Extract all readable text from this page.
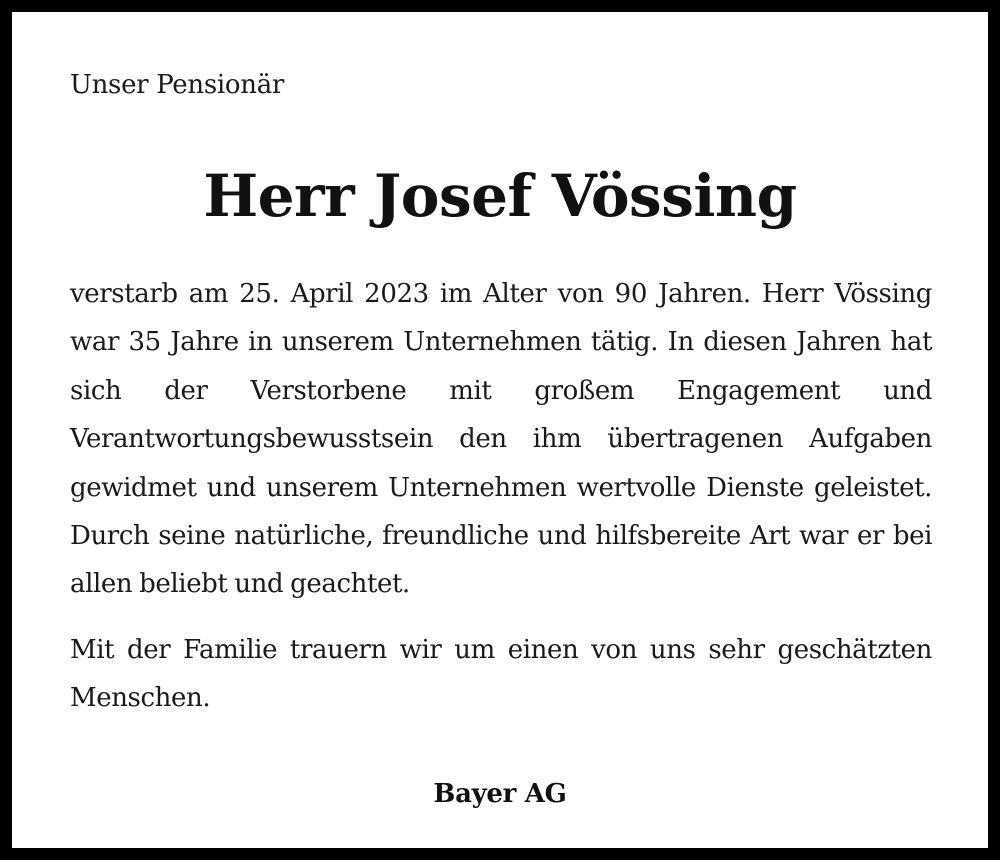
Unser Pensionär
Herr Josef Vössing

verstarb am 25. April 2023 im Alter von 90 Jahren. Herr Vössing war 35 Jahre in unserem Unternehmen tätig. In diesen Jahren hat sich der Verstorbene mit großem Engagement und Verantwortungsbewusstsein den ihm übertragenen Aufgaben gewidmet und unserem Unternehmen wertvolle Dienste geleistet. Durch seine natürliche, freundliche und hilfsbereite Art war er bei allen beliebt und geachtet.

Mit der Familie trauern wir um einen von uns sehr geschätzten Menschen.

Bayer AG
